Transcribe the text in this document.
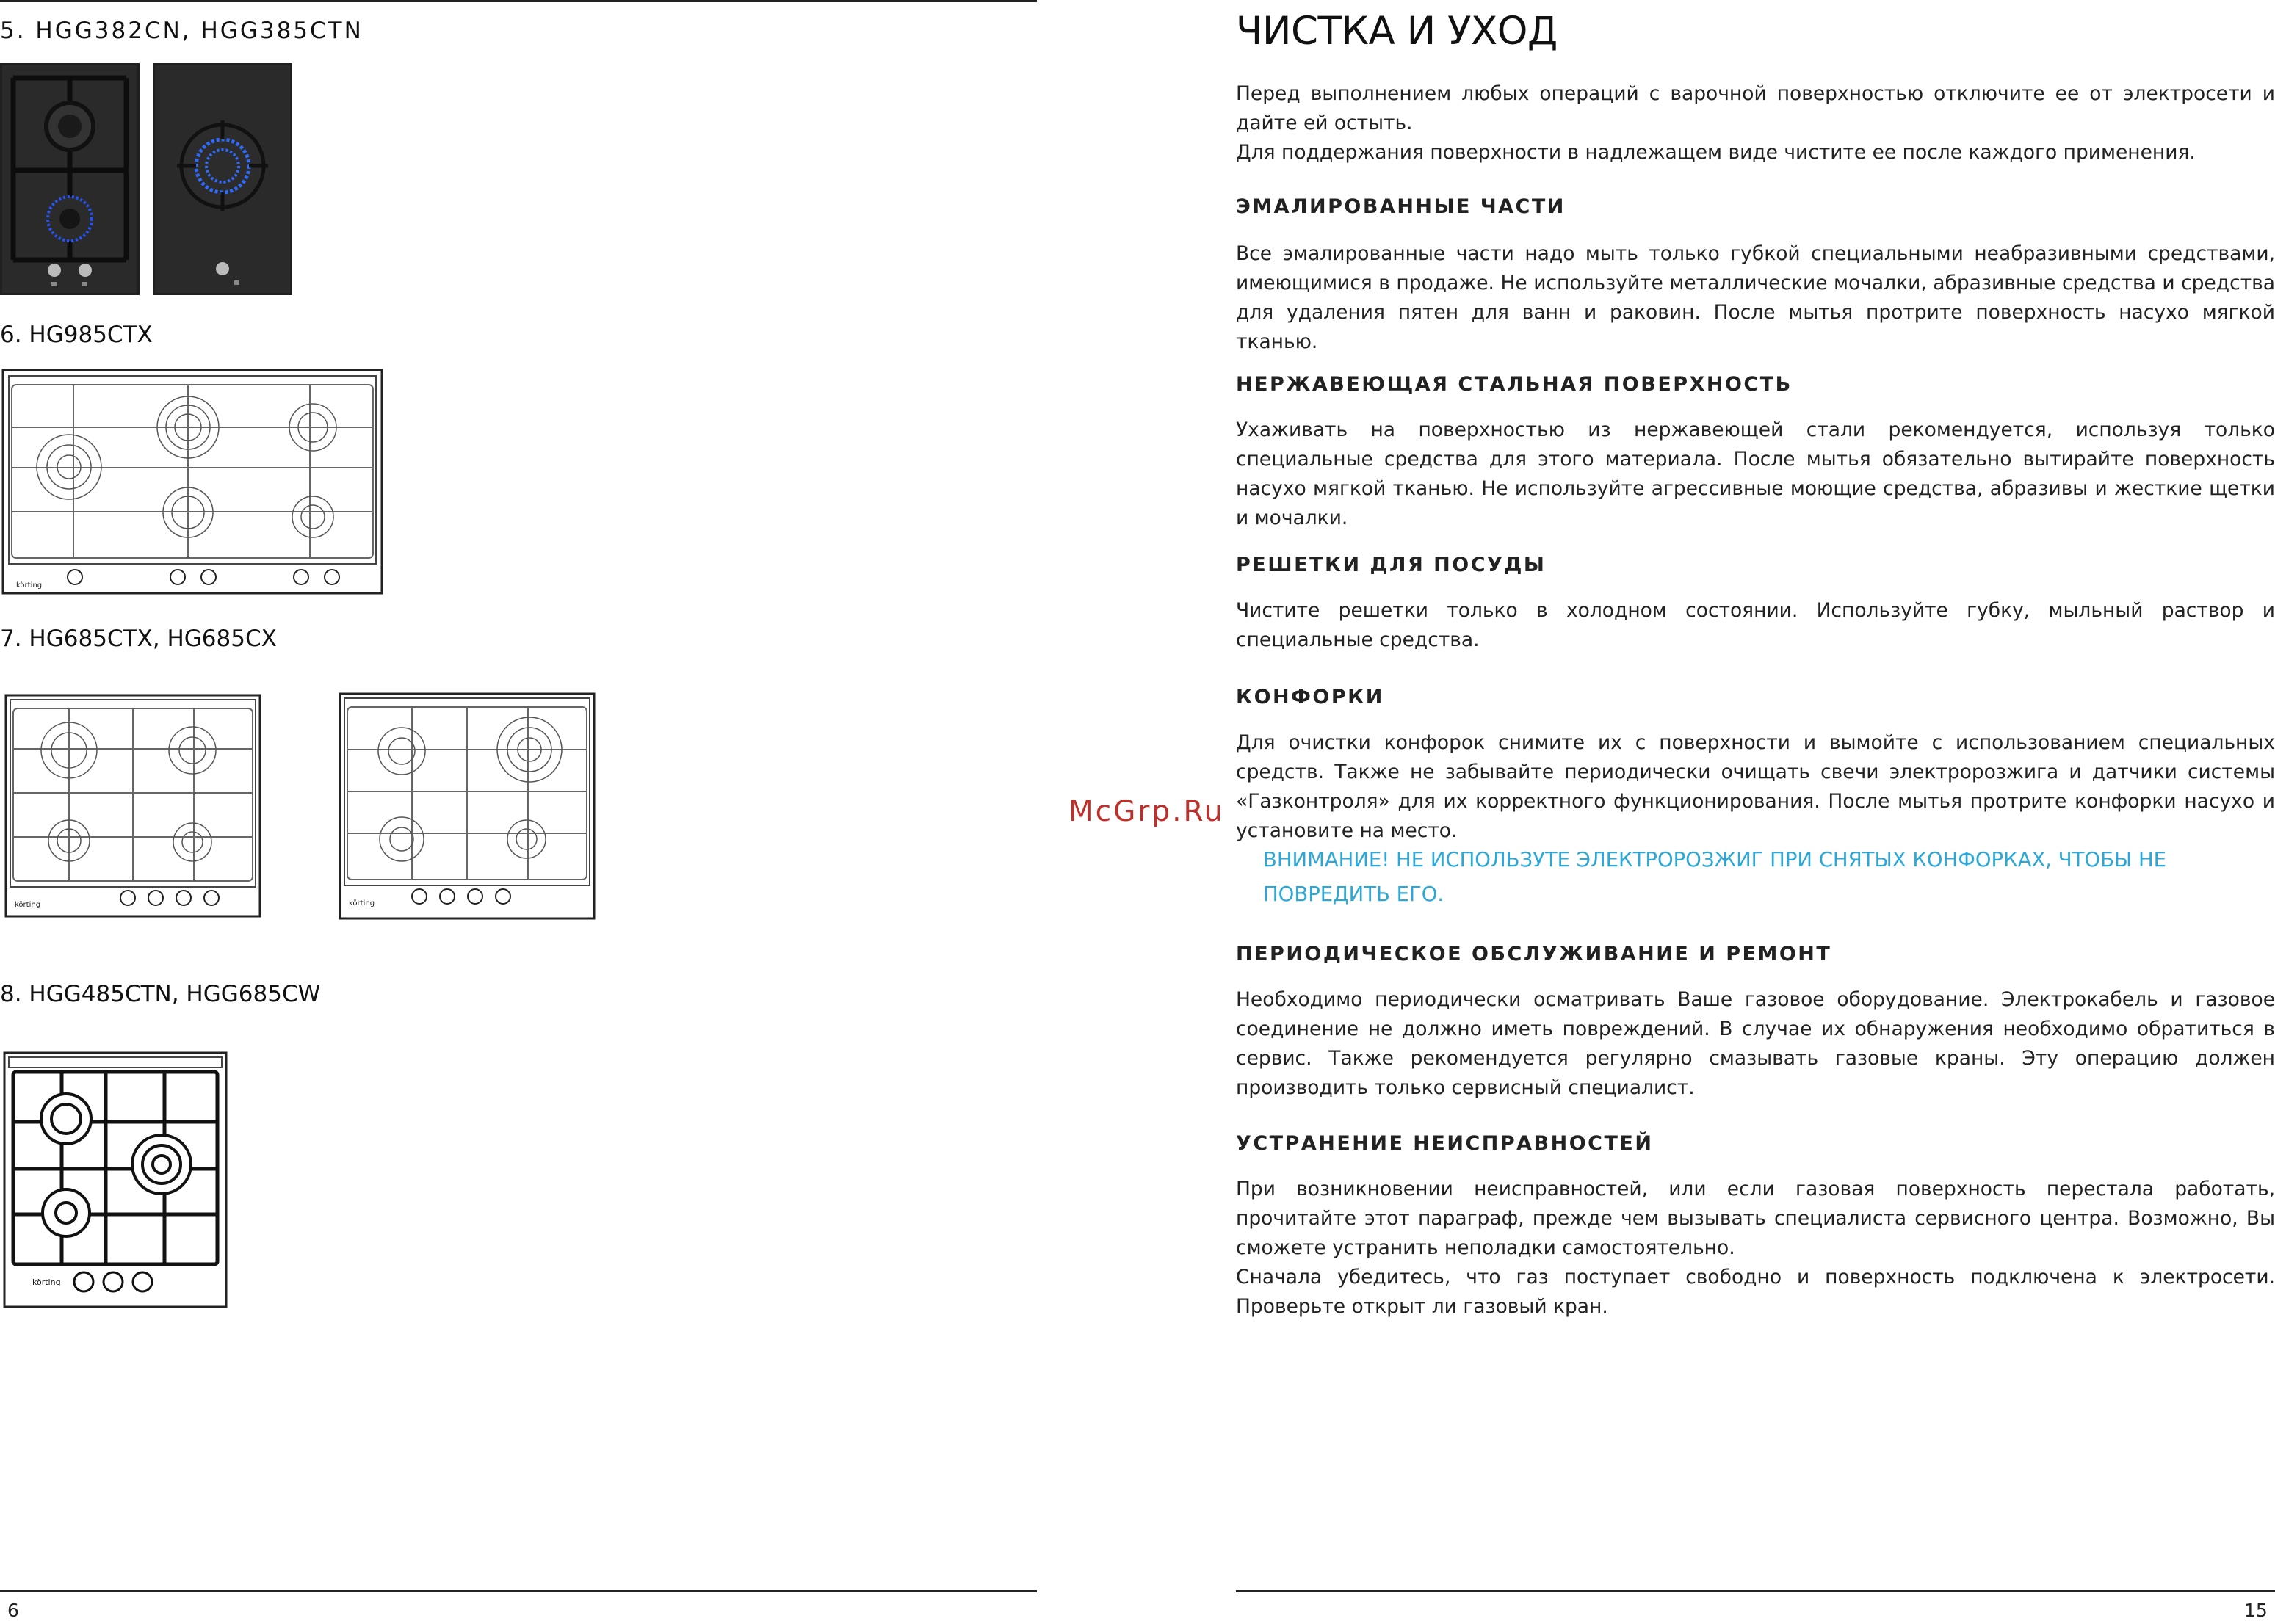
5. HGG382CN, HGG385CTN
6. HG985CTX
körting
7. HG685CTX, HG685CX
körting	körting
8. HGG485CTN, HGG685CW
körting
6
McGrp.Ru
ЧИСТКА И УХОД

Перед выполнением любых операций с варочной поверхностью отключите ее от электросети и дайте ей остыть.

Для поддержания поверхности в надлежащем виде чистите ее после каждого применения.

ЭМАЛИРОВАННЫЕ ЧАСТИ

Все эмалированные части надо мыть только губкой специальными неабразивными средствами, имеющимися в продаже. Не используйте металлические мочалки, абразивные средства и средства для удаления пятен для ванн и раковин. После мытья протрите поверхность насухо мягкой тканью.

НЕРЖАВЕЮЩАЯ СТАЛЬНАЯ ПОВЕРХНОСТЬ

Ухаживать на поверхностью из нержавеющей стали рекомендуется, используя только специальные средства для этого материала. После мытья обязательно вытирайте поверхность насухо мягкой тканью. Не используйте агрессивные моющие средства, абразивы и жесткие щетки и мочалки.

РЕШЕТКИ ДЛЯ ПОСУДЫ

Чистите решетки только в холодном состоянии. Используйте губку, мыльный раствор и специальные средства.

КОНФОРКИ

Для очистки конфорок снимите их с поверхности и вымойте с использованием специальных средств. Также не забывайте периодически очищать свечи электророзжига и датчики системы «Газконтроля» для их корректного функционирования. После мытья протрите конфорки насухо и установите на место.

ВНИМАНИЕ! НЕ ИСПОЛЬЗУТЕ ЭЛЕКТРОРОЗЖИГ ПРИ СНЯТЫХ КОНФОРКАХ, ЧТОБЫ НЕ ПОВРЕДИТЬ ЕГО.

ПЕРИОДИЧЕСКОЕ ОБСЛУЖИВАНИЕ И РЕМОНТ

Необходимо периодически осматривать Ваше газовое оборудование. Электрокабель и газовое соединение не должно иметь повреждений. В случае их обнаружения необходимо обратиться в сервис. Также рекомендуется регулярно смазывать газовые краны. Эту операцию должен производить только сервисный специалист.

УСТРАНЕНИЕ НЕИСПРАВНОСТЕЙ

При возникновении неисправностей, или если газовая поверхность перестала работать, прочитайте этот параграф, прежде чем вызывать специалиста сервисного центра. Возможно, Вы сможете устранить неполадки самостоятельно.

Сначала убедитесь, что газ поступает свободно и поверхность подключена к электросети. Проверьте открыт ли газовый кран.

15
